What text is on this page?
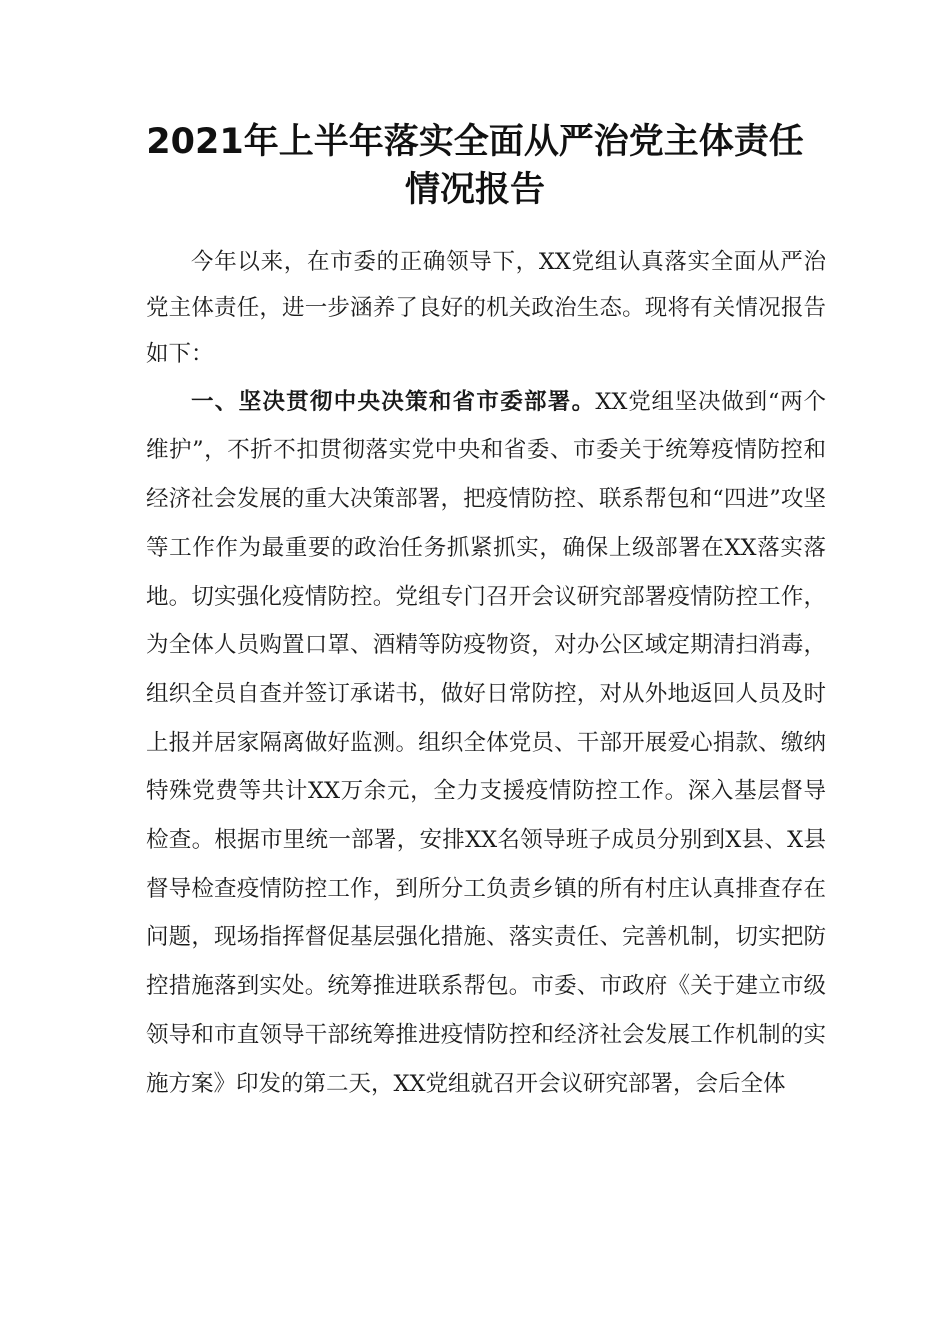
2021年上半年落实全面从严治党主体责任
情况报告

今年以来，在市委的正确领导下，XX党组认真落实全面从严治党主体责任，进一步涵养了良好的机关政治生态。现将有关情况报告如下：

一、坚决贯彻中央决策和省市委部署。XX党组坚决做到“两个维护”，不折不扣贯彻落实党中央和省委、市委关于统筹疫情防控和经济社会发展的重大决策部署，把疫情防控、联系帮包和“四进”攻坚等工作作为最重要的政治任务抓紧抓实，确保上级部署在XX落实落地。切实强化疫情防控。党组专门召开会议研究部署疫情防控工作，为全体人员购置口罩、酒精等防疫物资，对办公区域定期清扫消毒，组织全员自查并签订承诺书，做好日常防控，对从外地返回人员及时上报并居家隔离做好监测。组织全体党员、干部开展爱心捐款、缴纳特殊党费等共计XX万余元，全力支援疫情防控工作。深入基层督导检查。根据市里统一部署，安排XX名领导班子成员分别到X县、X县督导检查疫情防控工作，到所分工负责乡镇的所有村庄认真排查存在问题，现场指挥督促基层强化措施、落实责任、完善机制，切实把防控措施落到实处。统筹推进联系帮包。市委、市政府《关于建立市级领导和市直领导干部统筹推进疫情防控和经济社会发展工作机制的实施方案》印发的第二天，XX党组就召开会议研究部署，会后全体
